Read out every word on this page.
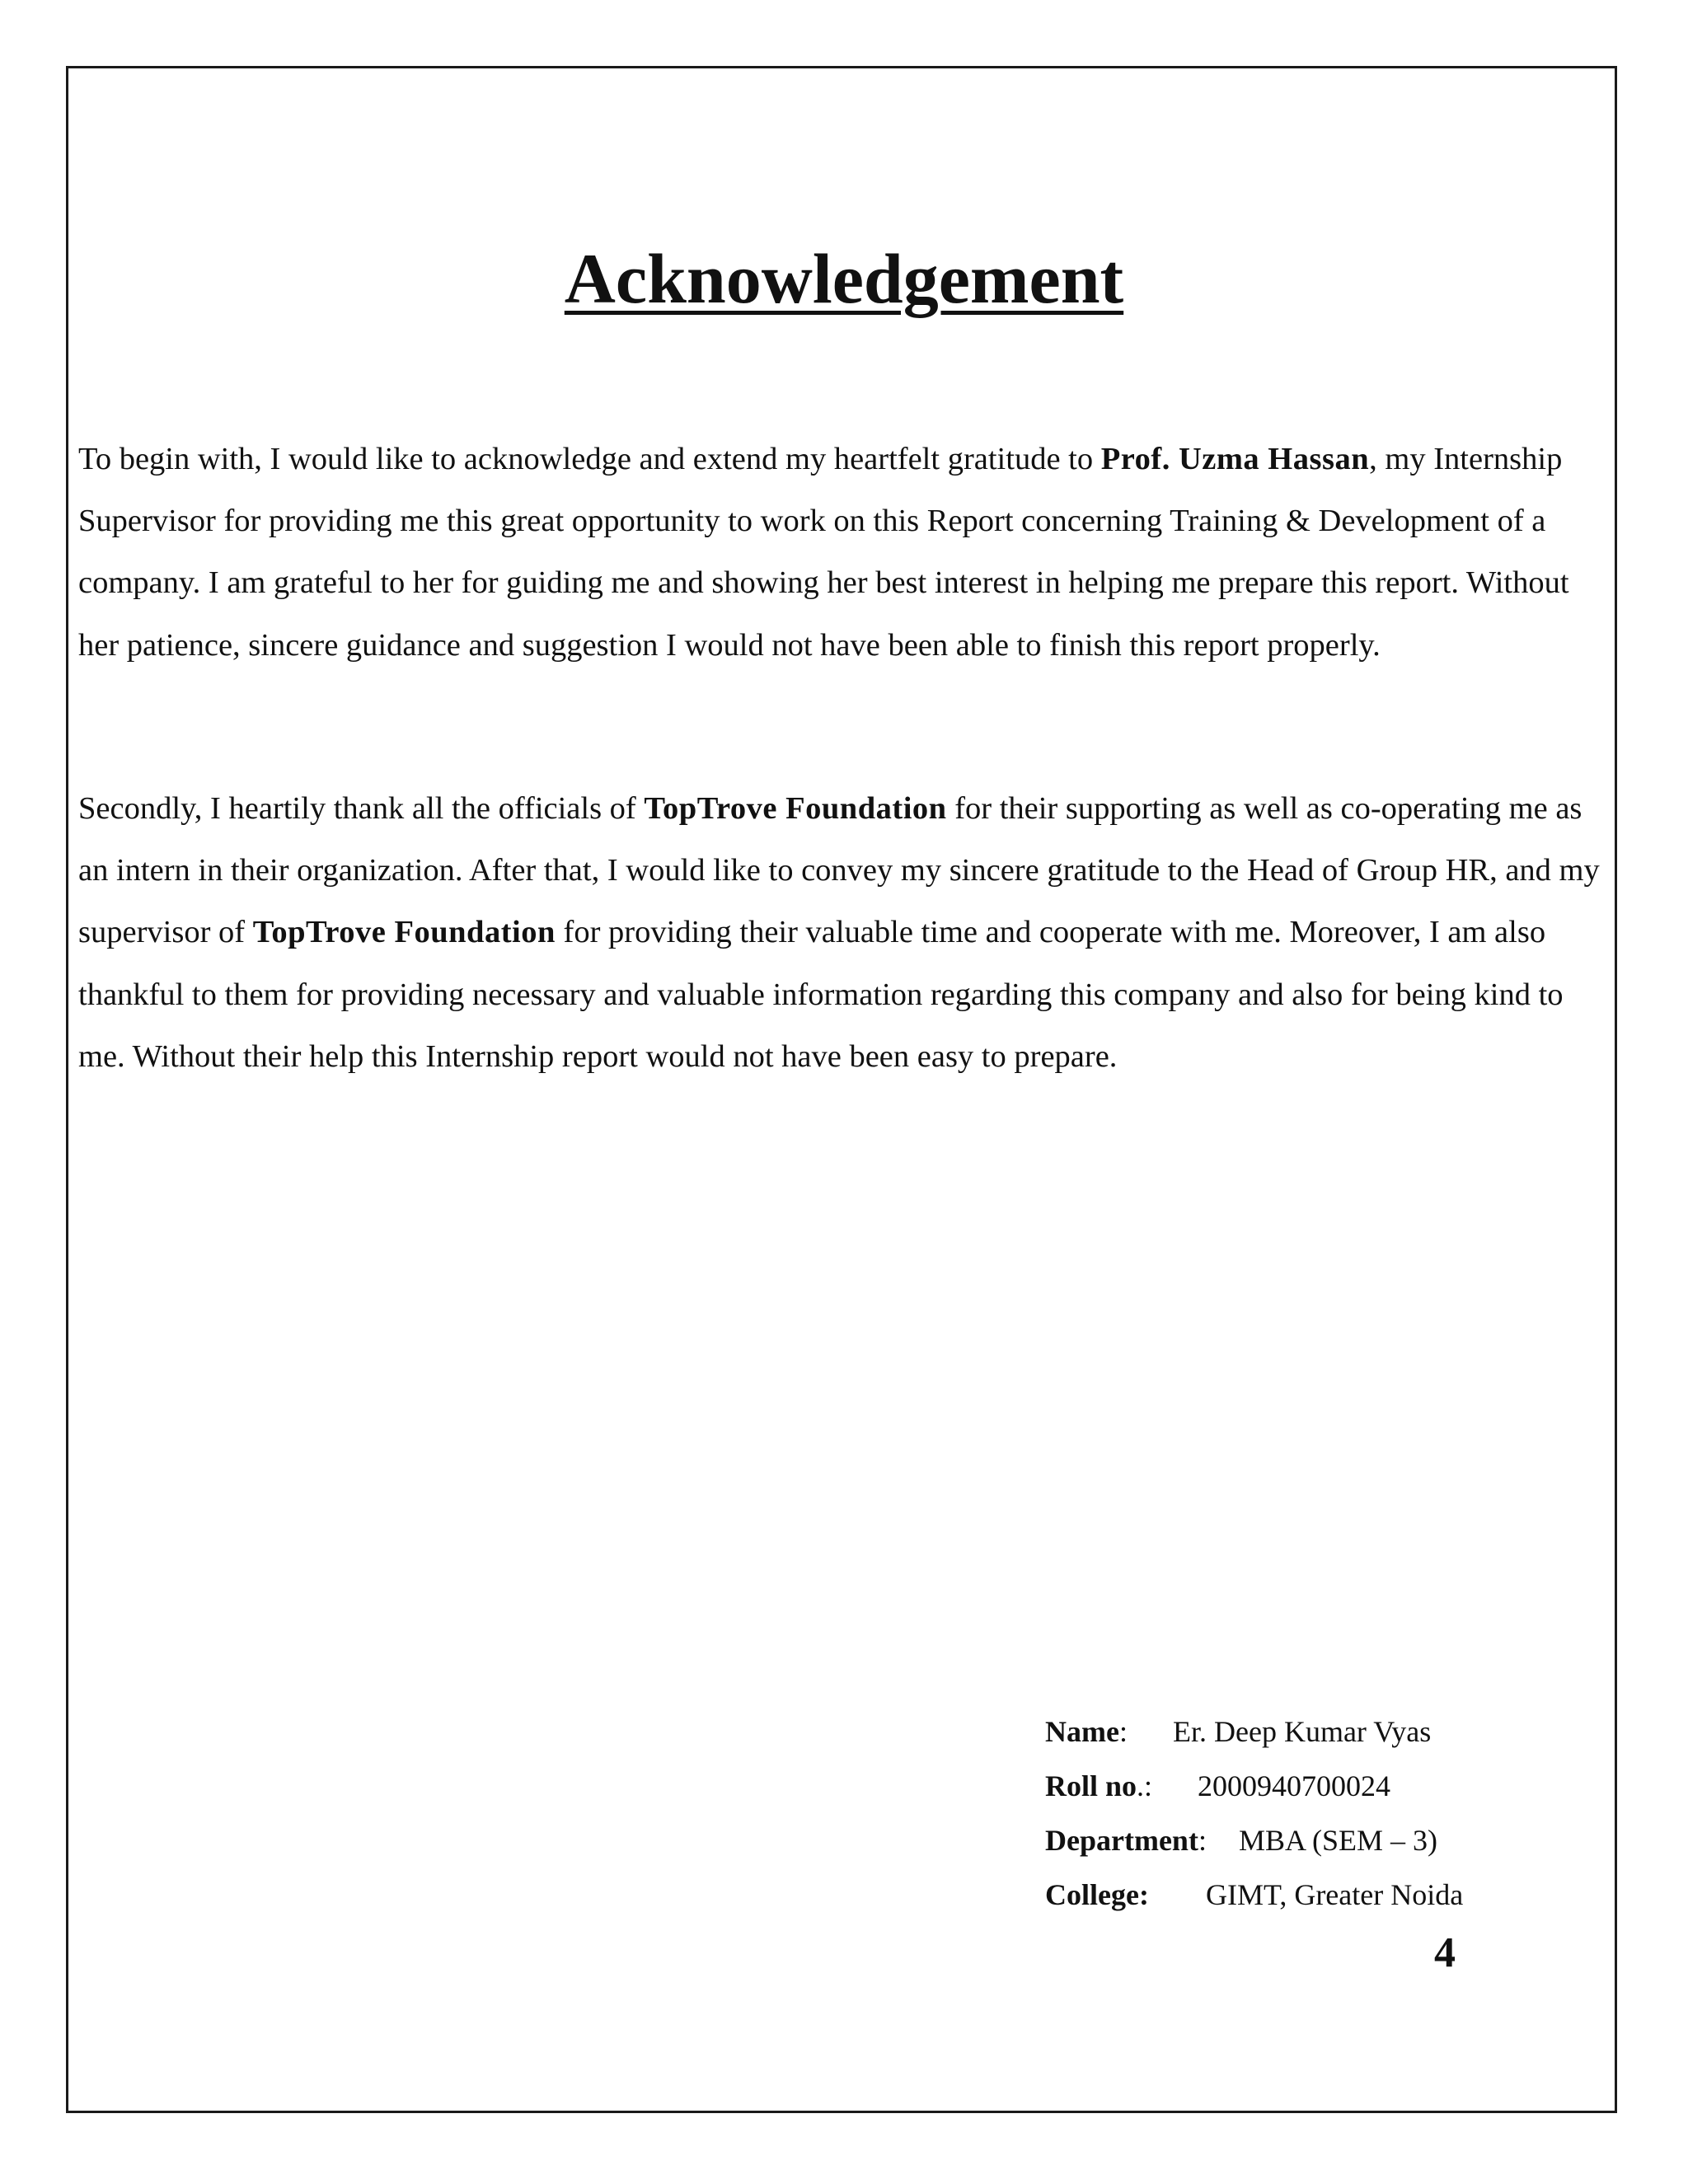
Acknowledgement

To begin with, I would like to acknowledge and extend my heartfelt gratitude to Prof. Uzma Hassan, my Internship Supervisor for providing me this great opportunity to work on this Report concerning Training & Development of a company. I am grateful to her for guiding me and showing her best interest in helping me prepare this report. Without her patience, sincere guidance and suggestion I would not have been able to finish this report properly.

Secondly, I heartily thank all the officials of TopTrove Foundation for their supporting as well as co-operating me as an intern in their organization. After that, I would like to convey my sincere gratitude to the Head of Group HR, and my supervisor of TopTrove Foundation for providing their valuable time and cooperate with me. Moreover, I am also thankful to them for providing necessary and valuable information regarding this company and also for being kind to me. Without their help this Internship report would not have been easy to prepare.

Name:	Er. Deep Kumar Vyas
Roll no.:	2000940700024
Department:	MBA (SEM – 3)
College:	GIMT, Greater Noida
4
